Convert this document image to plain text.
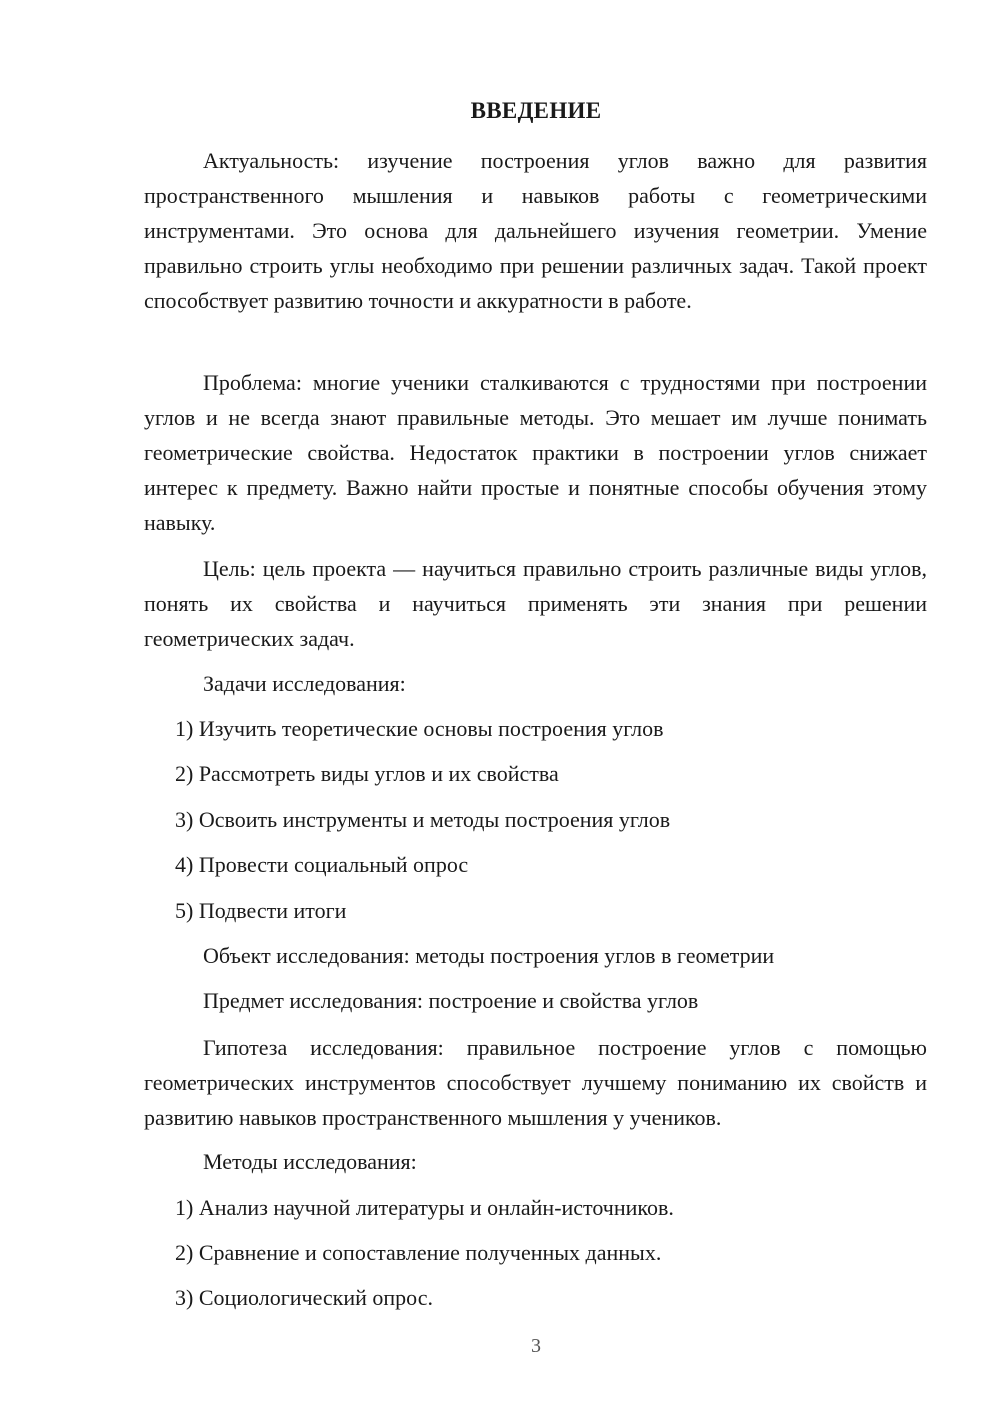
ВВЕДЕНИЕ

Актуальность: изучение построения углов важно для развития пространственного мышления и навыков работы с геометрическими инструментами. Это основа для дальнейшего изучения геометрии. Умение правильно строить углы необходимо при решении различных задач. Такой проект способствует развитию точности и аккуратности в работе.

Проблема: многие ученики сталкиваются с трудностями при построении углов и не всегда знают правильные методы. Это мешает им лучше понимать геометрические свойства. Недостаток практики в построении углов снижает интерес к предмету. Важно найти простые и понятные способы обучения этому навыку.

Цель: цель проекта — научиться правильно строить различные виды углов, понять их свойства и научиться применять эти знания при решении геометрических задач.

Задачи исследования:
1) Изучить теоретические основы построения углов
2) Рассмотреть виды углов и их свойства
3) Освоить инструменты и методы построения углов
4) Провести социальный опрос
5) Подвести итоги
Объект исследования: методы построения углов в геометрии
Предмет исследования: построение и свойства углов

Гипотеза исследования: правильное построение углов с помощью геометрических инструментов способствует лучшему пониманию их свойств и развитию навыков пространственного мышления у учеников.

Методы исследования:
1) Анализ научной литературы и онлайн-источников.
2) Сравнение и сопоставление полученных данных.
3) Социологический опрос.
3
